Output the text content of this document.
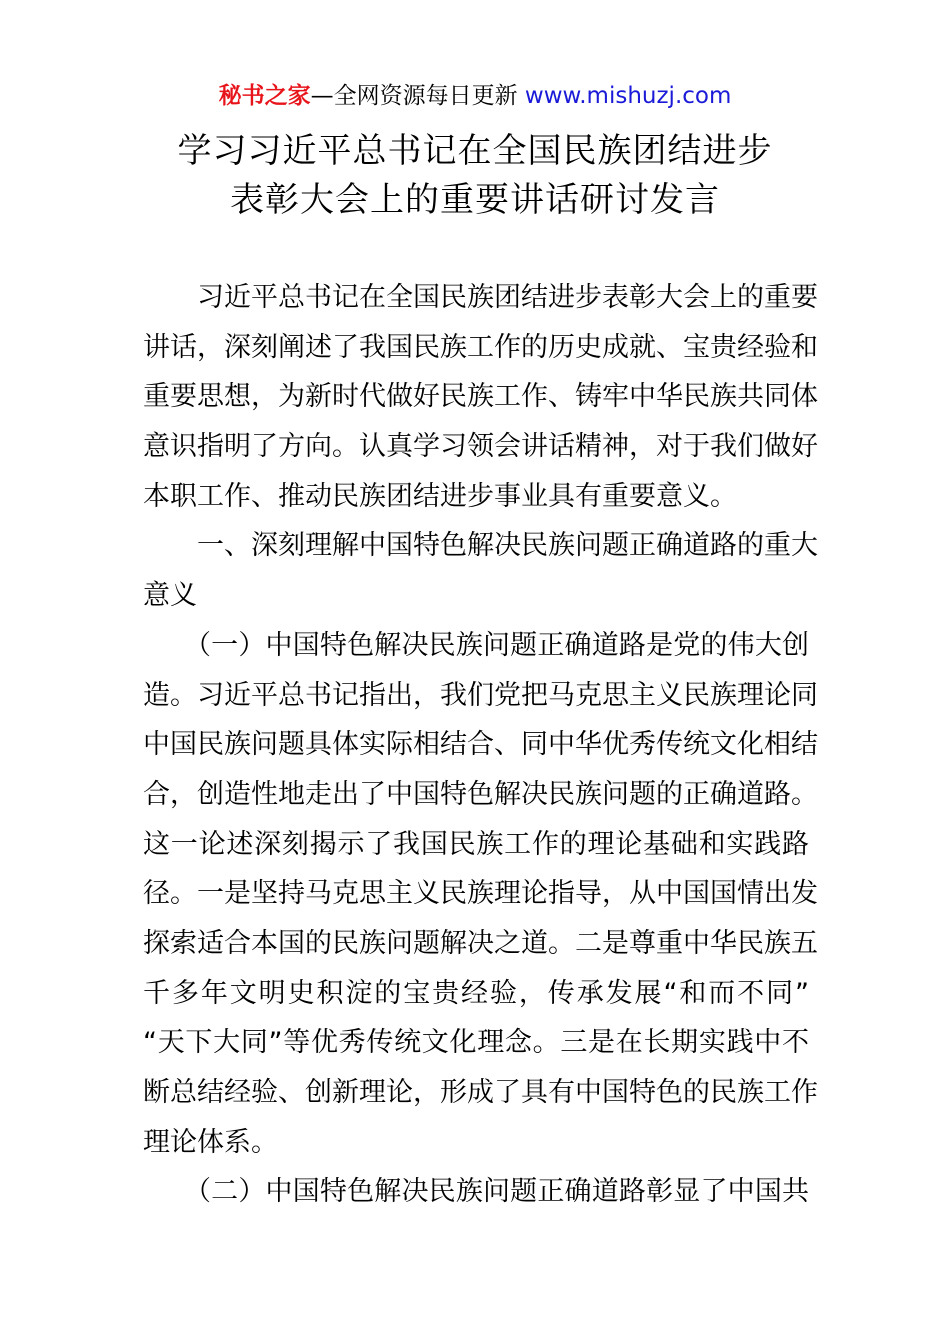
秘书之家—全网资源每日更新 www.mishuzj.com
学习习近平总书记在全国民族团结进步
表彰大会上的重要讲话研讨发言
习近平总书记在全国民族团结进步表彰大会上的重要
讲话，深刻阐述了我国民族工作的历史成就、宝贵经验和
重要思想，为新时代做好民族工作、铸牢中华民族共同体
意识指明了方向。认真学习领会讲话精神，对于我们做好
本职工作、推动民族团结进步事业具有重要意义。
一、深刻理解中国特色解决民族问题正确道路的重大
意义
（一）中国特色解决民族问题正确道路是党的伟大创
造。习近平总书记指出，我们党把马克思主义民族理论同
中国民族问题具体实际相结合、同中华优秀传统文化相结
合，创造性地走出了中国特色解决民族问题的正确道路。
这一论述深刻揭示了我国民族工作的理论基础和实践路
径。一是坚持马克思主义民族理论指导，从中国国情出发
探索适合本国的民族问题解决之道。二是尊重中华民族五
千多年文明史积淀的宝贵经验，传承发展“和而不同”
“天下大同”等优秀传统文化理念。三是在长期实践中不
断总结经验、创新理论，形成了具有中国特色的民族工作
理论体系。
（二）中国特色解决民族问题正确道路彰显了中国共
